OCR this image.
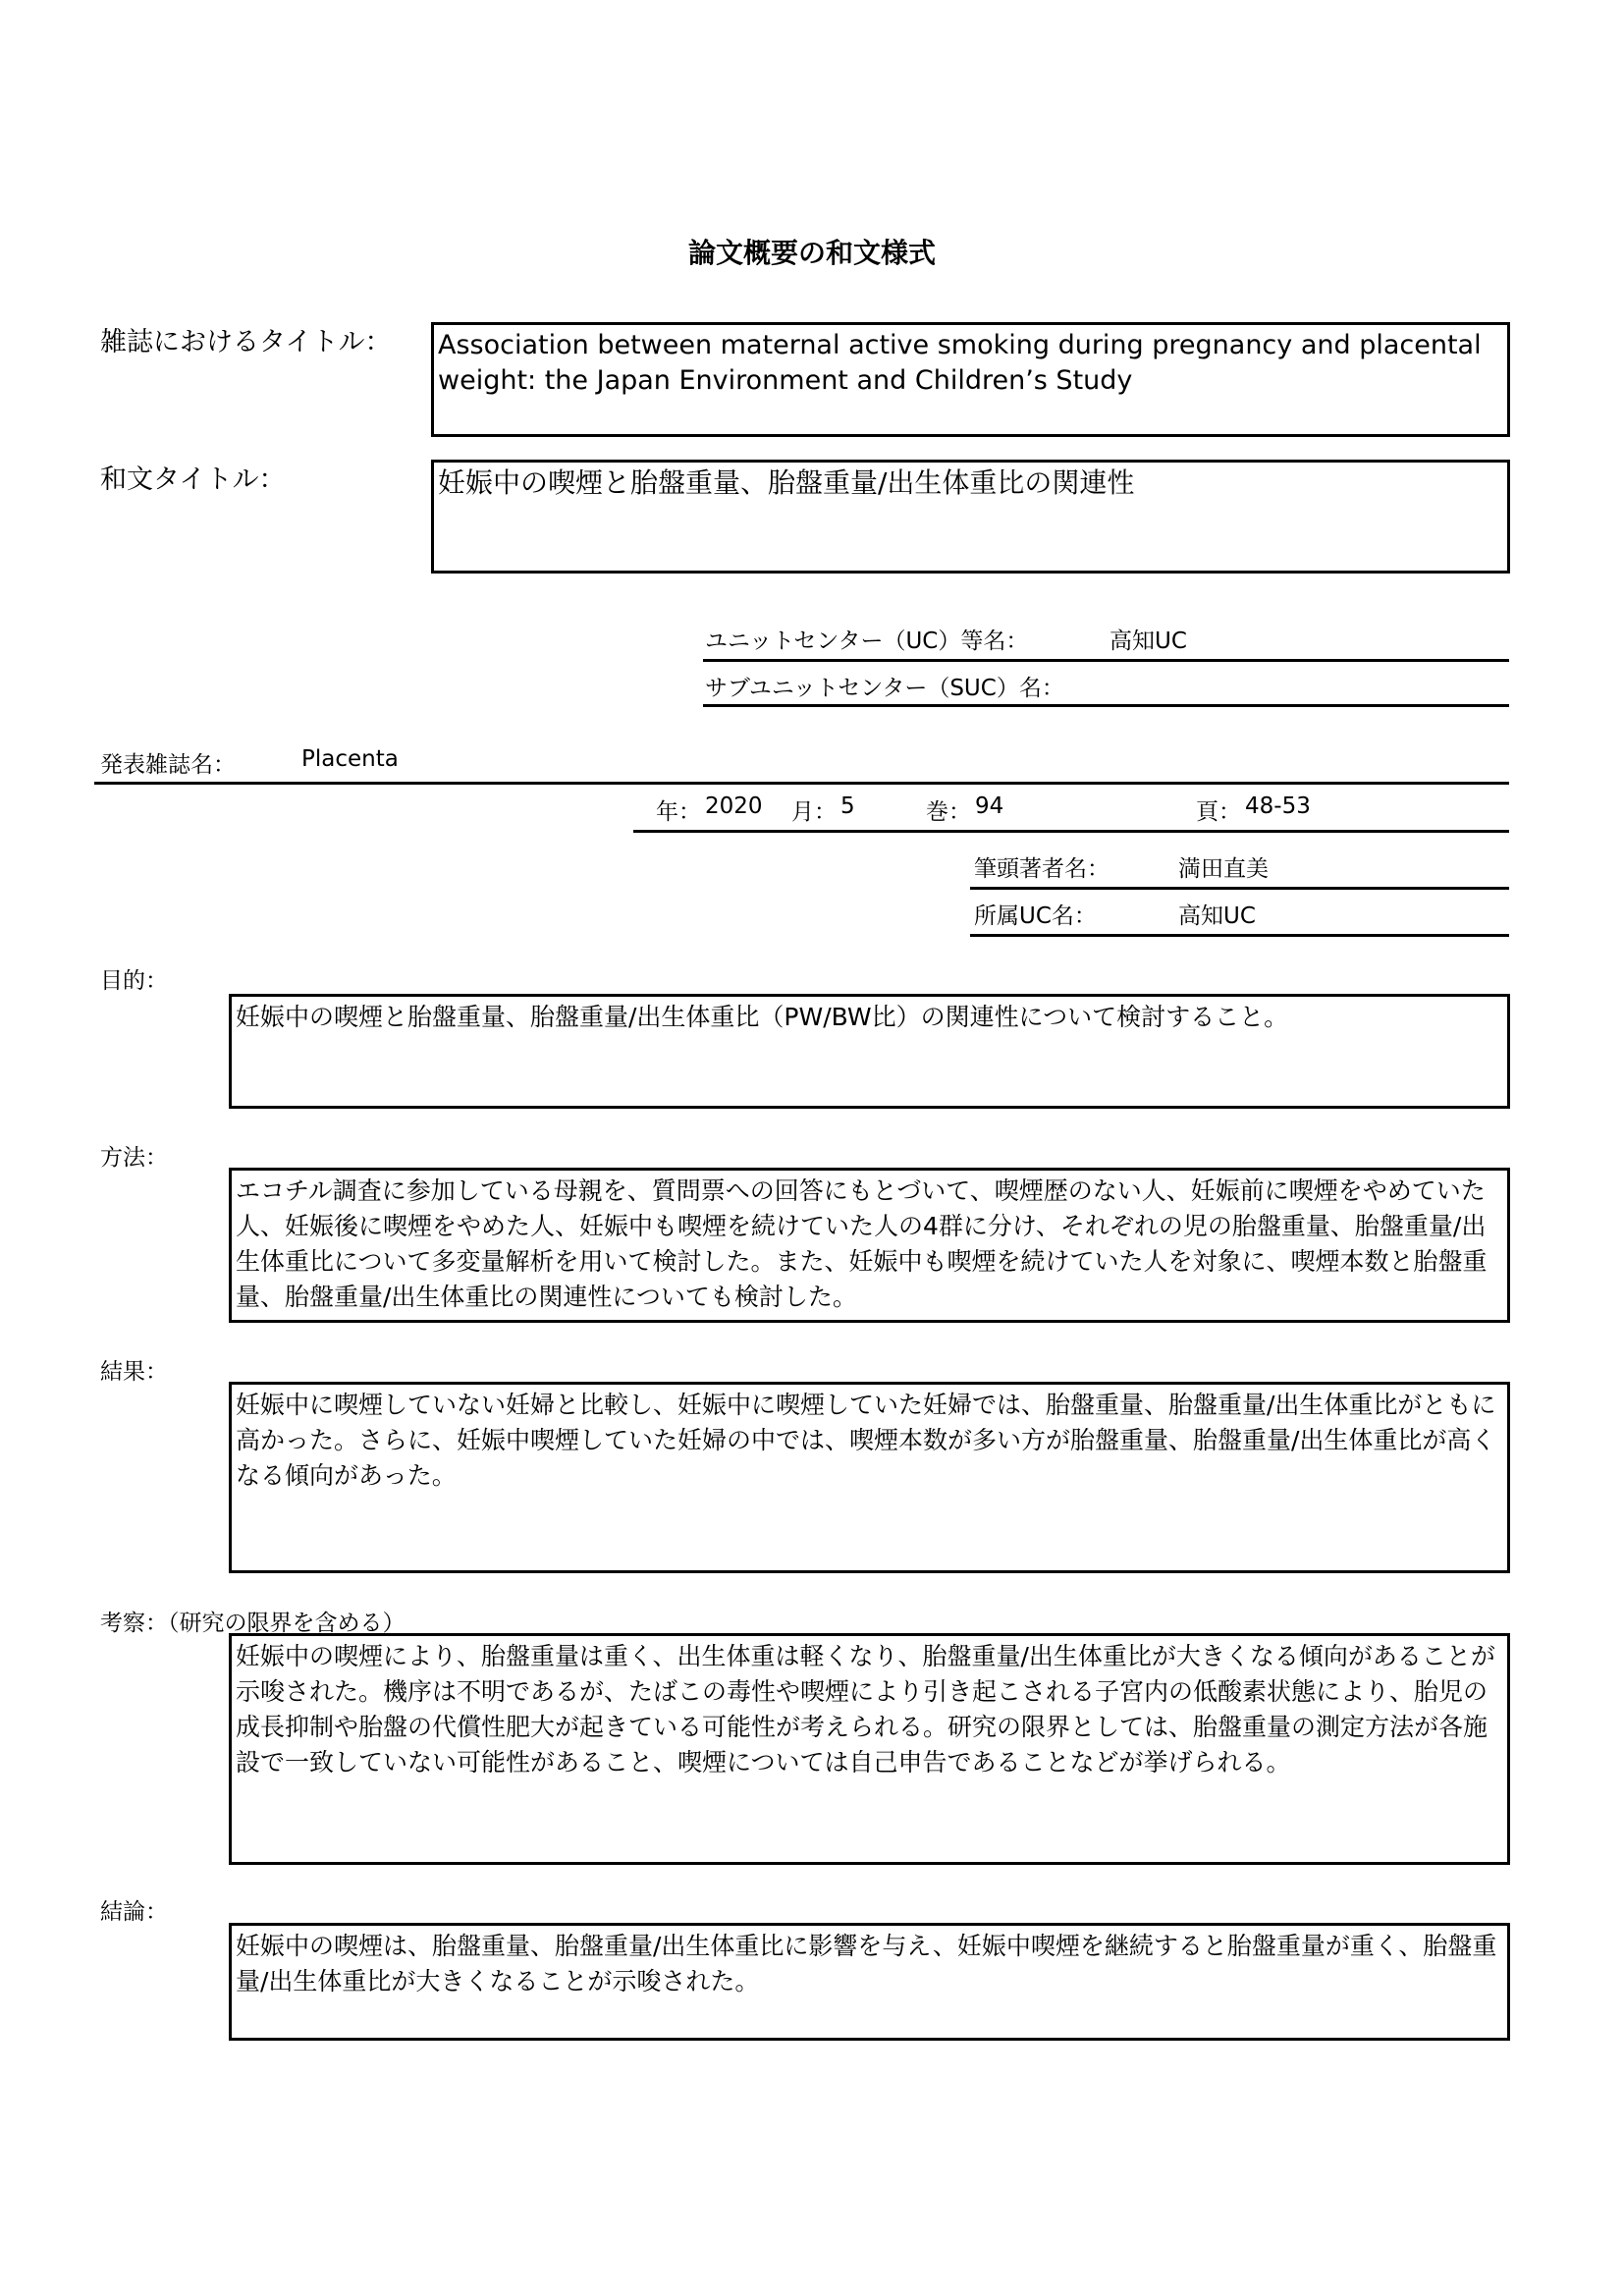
論文概要の和文様式
雑誌におけるタイトル： Association between maternal active smoking during pregnancy and placental weight: the Japan Environment and Children’s Study
和文タイトル：	妊娠中の喫煙と胎盤重量、胎盤重量/出生体重比の関連性
ユニットセンター（UC）等名：	高知UC
サブユニットセンター（SUC）名：
発表雑誌名：	Placenta
年： 2020 月： 5	巻： 94	頁： 48-53
筆頭著者名：	満田直美
所属UC名：	高知UC
目的：
妊娠中の喫煙と胎盤重量、胎盤重量/出生体重比（PW/BW比）の関連性について検討すること。
方法：
エコチル調査に参加している母親を、質問票への回答にもとづいて、喫煙歴のない人、妊娠前に喫煙をやめていた人、妊娠後に喫煙をやめた人、妊娠中も喫煙を続けていた人の4群に分け、それぞれの児の胎盤重量、胎盤重量/出生体重比について多変量解析を用いて検討した。また、妊娠中も喫煙を続けていた人を対象に、喫煙本数と胎盤重量、胎盤重量/出生体重比の関連性についても検討した。
結果：
妊娠中に喫煙していない妊婦と比較し、妊娠中に喫煙していた妊婦では、胎盤重量、胎盤重量/出生体重比がともに高かった。さらに、妊娠中喫煙していた妊婦の中では、喫煙本数が多い方が胎盤重量、胎盤重量/出生体重比が高くなる傾向があった。
考察：（研究の限界を含める）
妊娠中の喫煙により、胎盤重量は重く、出生体重は軽くなり、胎盤重量/出生体重比が大きくなる傾向があることが示唆された。機序は不明であるが、たばこの毒性や喫煙により引き起こされる子宮内の低酸素状態により、胎児の成長抑制や胎盤の代償性肥大が起きている可能性が考えられる。研究の限界としては、胎盤重量の測定方法が各施設で一致していない可能性があること、喫煙については自己申告であることなどが挙げられる。
結論：
妊娠中の喫煙は、胎盤重量、胎盤重量/出生体重比に影響を与え、妊娠中喫煙を継続すると胎盤重量が重く、胎盤重量/出生体重比が大きくなることが示唆された。
